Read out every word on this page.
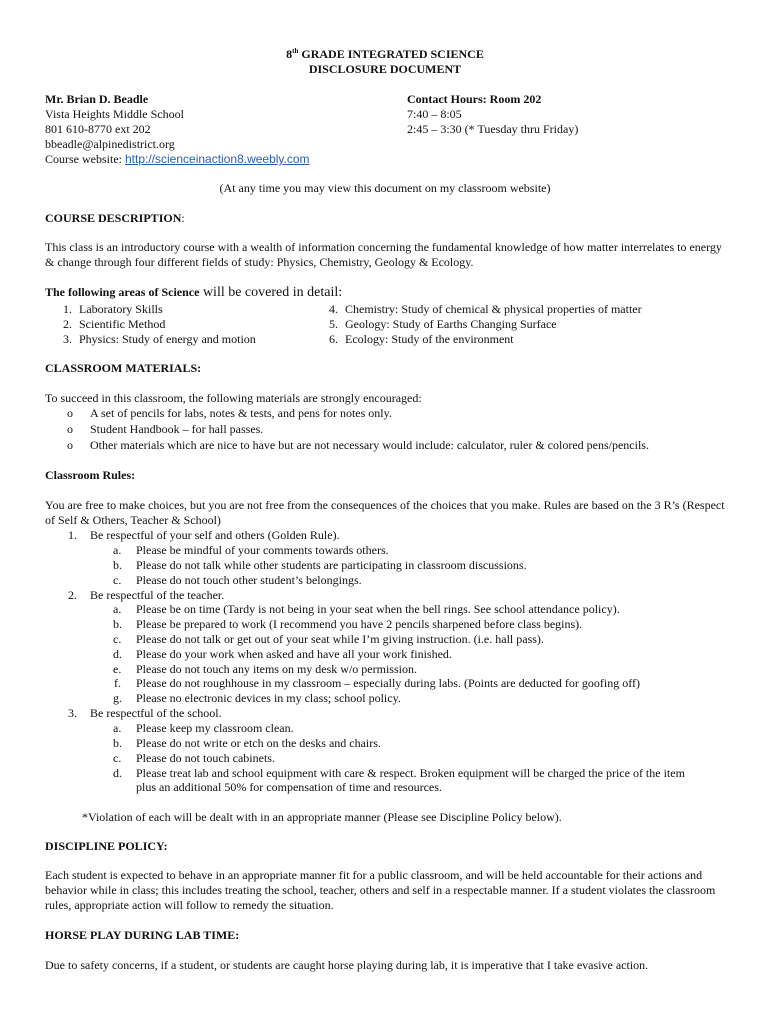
8th GRADE INTEGRATED SCIENCE
DISCLOSURE DOCUMENT
Mr. Brian D. Beadle
Vista Heights Middle School
801 610-8770 ext 202
bbeadle@alpinedistrict.org
Course website: http://scienceinaction8.weebly.com
Contact Hours: Room 202
7:40 – 8:05
2:45 – 3:30 (* Tuesday thru Friday)
(At any time you may view this document on my classroom website)
COURSE DESCRIPTION:
This class is an introductory course with a wealth of information concerning the fundamental knowledge of how matter interrelates to energy & change through four different fields of study: Physics, Chemistry, Geology & Ecology.
The following areas of Science will be covered in detail:
1. Laboratory Skills
2. Scientific Method
3. Physics: Study of energy and motion
4. Chemistry: Study of chemical & physical properties of matter
5. Geology: Study of Earths Changing Surface
6. Ecology: Study of the environment
CLASSROOM MATERIALS:
To succeed in this classroom, the following materials are strongly encouraged:
o A set of pencils for labs, notes & tests, and pens for notes only.
o Student Handbook – for hall passes.
o Other materials which are nice to have but are not necessary would include: calculator, ruler & colored pens/pencils.
Classroom Rules:
You are free to make choices, but you are not free from the consequences of the choices that you make. Rules are based on the 3 R’s (Respect of Self & Others, Teacher & School)
1. Be respectful of your self and others (Golden Rule).
a. Please be mindful of your comments towards others.
b. Please do not talk while other students are participating in classroom discussions.
c. Please do not touch other student’s belongings.
2. Be respectful of the teacher.
a. Please be on time (Tardy is not being in your seat when the bell rings. See school attendance policy).
b. Please be prepared to work (I recommend you have 2 pencils sharpened before class begins).
c. Please do not talk or get out of your seat while I’m giving instruction. (i.e. hall pass).
d. Please do your work when asked and have all your work finished.
e. Please do not touch any items on my desk w/o permission.
f. Please do not roughhouse in my classroom – especially during labs. (Points are deducted for goofing off)
g. Please no electronic devices in my class; school policy.
3. Be respectful of the school.
a. Please keep my classroom clean.
b. Please do not write or etch on the desks and chairs.
c. Please do not touch cabinets.
d. Please treat lab and school equipment with care & respect. Broken equipment will be charged the price of the item
plus an additional 50% for compensation of time and resources.
*Violation of each will be dealt with in an appropriate manner (Please see Discipline Policy below).
DISCIPLINE POLICY:
Each student is expected to behave in an appropriate manner fit for a public classroom, and will be held accountable for their actions and behavior while in class; this includes treating the school, teacher, others and self in a respectable manner. If a student violates the classroom rules, appropriate action will follow to remedy the situation.
HORSE PLAY DURING LAB TIME:
Due to safety concerns, if a student, or students are caught horse playing during lab, it is imperative that I take evasive action.
